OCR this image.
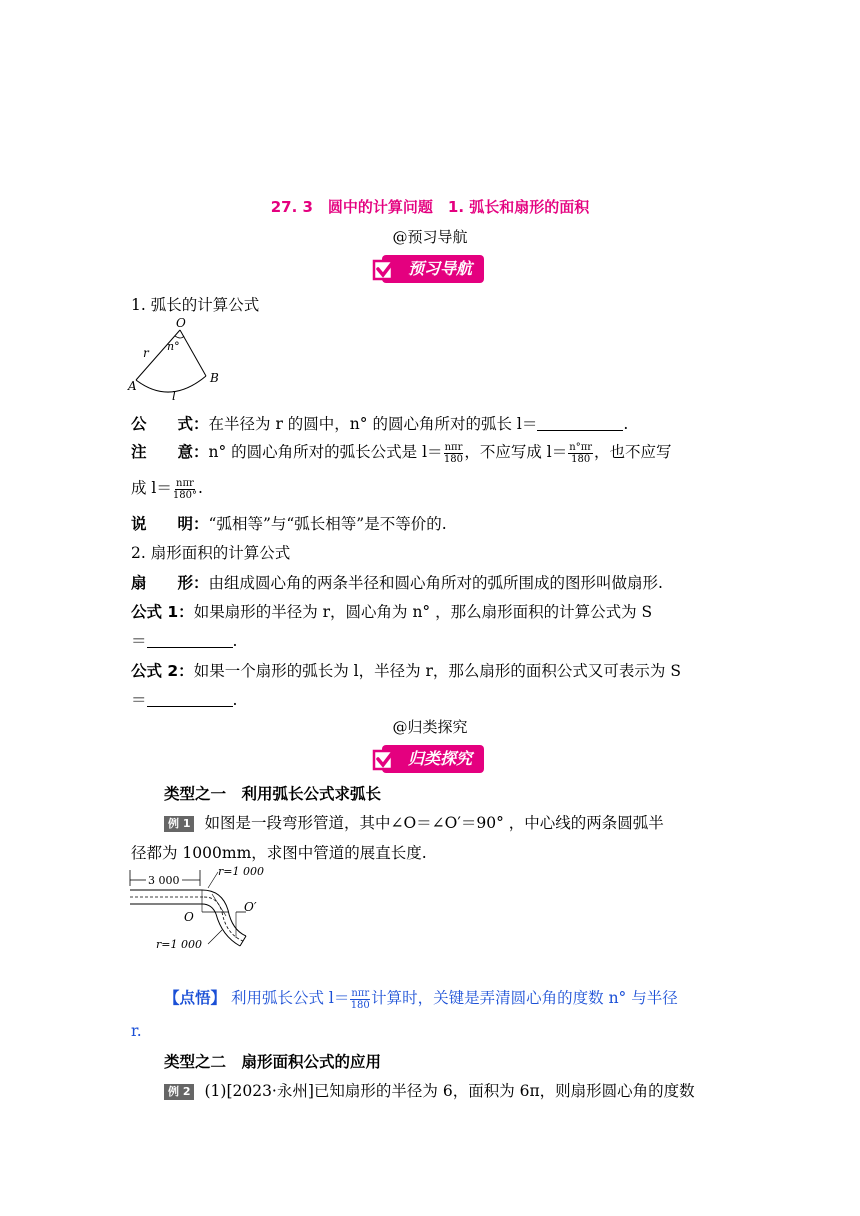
27. 3　圆中的计算问题　1. 弧长和扇形的面积
@预习导航
预习导航
1. 弧长的计算公式
O
n°
r
A
B
l
公　　式：在半径为 r 的圆中，n° 的圆心角所对的弧长 l＝	.
注　　意：n° 的圆心角所对的弧长公式是 $l= \frac{\text{nπr}}{180}$ ，不应写成 $l= \frac{n^\circ\pi r}{180}$ ，也不应写
成 $l= \frac{\text{nπr}}{180^\circ}$ .
说　　明：“弧相等”与“弧长相等”是不等价的.
2. 扇形面积的计算公式
扇　　形：由组成圆心角的两条半径和圆心角所对的弧所围成的图形叫做扇形.
公式 1：如果扇形的半径为 r，圆心角为 n° ，那么扇形面积的计算公式为 S
＝	.
公式 2：如果一个扇形的弧长为 l，半径为 r，那么扇形的面积公式又可表示为 S
＝	.
@归类探究
归类探究
类型之一　利用弧长公式求弧长
例 1 如图是一段弯形管道，其中∠O＝∠O′＝90° ，中心线的两条圆弧半
径都为 1000mm，求图中管道的展直长度.
3 000
r=1 000
O
O′
r=1 000
【点悟】 利用弧长公式 $l= \frac{\text{nπr}}{180}$ 计算时，关键是弄清圆心角的度数 n° 与半径
r.
类型之二　扇形面积公式的应用
例 2 (1)[2023·永州]已知扇形的半径为 6，面积为 6π，则扇形圆心角的度数
